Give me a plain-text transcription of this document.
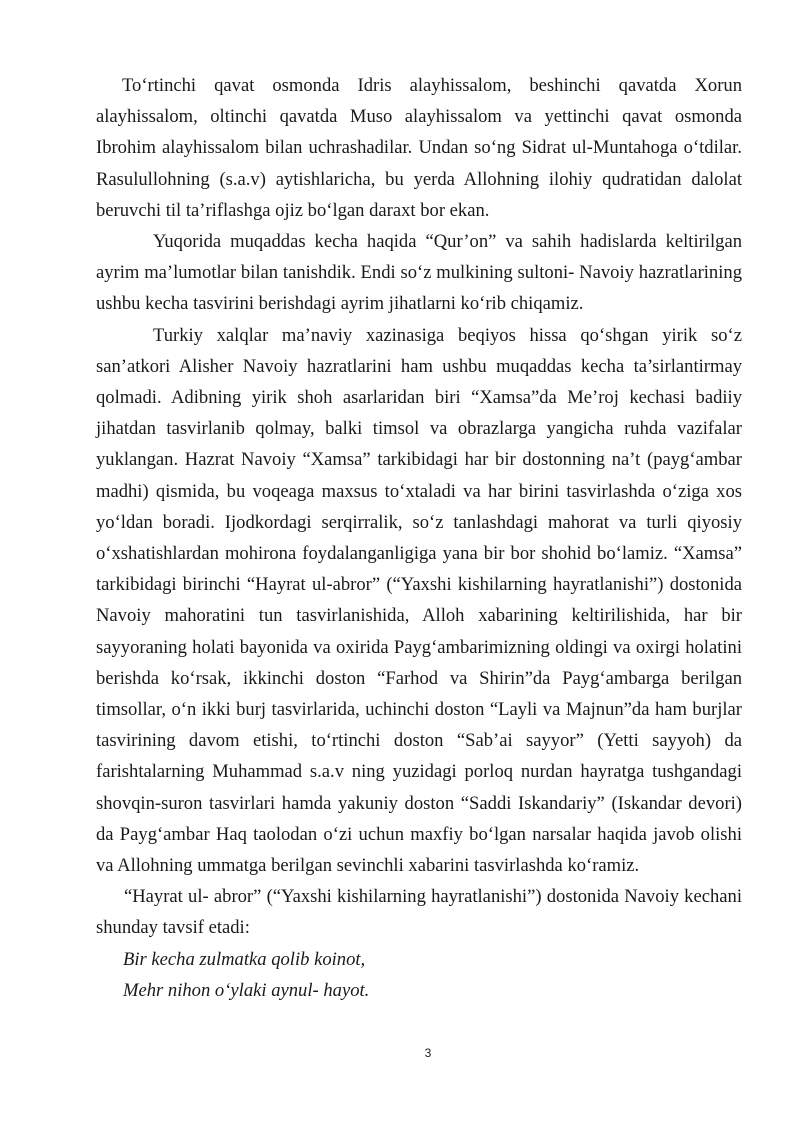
To‘rtinchi qavat osmonda Idris alayhissalom, beshinchi qavatda Xorun alayhissalom, oltinchi qavatda Muso alayhissalom va yettinchi qavat osmonda Ibrohim alayhissalom bilan uchrashadilar. Undan so‘ng Sidrat ul-Muntahoga o‘tdilar. Rasulullohning (s.a.v) aytishlaricha, bu yerda Allohning ilohiy qudratidan dalolat beruvchi til ta’riflashga ojiz bo‘lgan daraxt bor ekan.

Yuqorida muqaddas kecha haqida “Qur’on” va sahih hadislarda keltirilgan ayrim ma’lumotlar bilan tanishdik. Endi so‘z mulkining sultoni- Navoiy hazratlarining ushbu kecha tasvirini berishdagi ayrim jihatlarni ko‘rib chiqamiz.

Turkiy xalqlar ma’naviy xazinasiga beqiyos hissa qo‘shgan yirik so‘z san’atkori Alisher Navoiy hazratlarini ham ushbu muqaddas kecha ta’sirlantirmay qolmadi. Adibning yirik shoh asarlaridan biri “Xamsa”da Me’roj kechasi badiiy jihatdan tasvirlanib qolmay, balki timsol va obrazlarga yangicha ruhda vazifalar yuklangan. Hazrat Navoiy “Xamsa” tarkibidagi har bir dostonning na’t (payg‘ambar madhi) qismida, bu voqeaga maxsus to‘xtaladi va har birini tasvirlashda o‘ziga xos yo‘ldan boradi. Ijodkordagi serqirralik, so‘z tanlashdagi mahorat va turli qiyosiy o‘xshatishlardan mohirona foydalanganligiga yana bir bor shohid bo‘lamiz. “Xamsa” tarkibidagi birinchi “Hayrat ul-abror” (“Yaxshi kishilarning hayratlanishi”) dostonida Navoiy mahoratini tun tasvirlanishida, Alloh xabarining keltirilishida, har bir sayyoraning holati bayonida va oxirida Payg‘ambarimizning oldingi va oxirgi holatini berishda ko‘rsak, ikkinchi doston “Farhod va Shirin”da Payg‘ambarga berilgan timsollar, o‘n ikki burj tasvirlarida, uchinchi doston “Layli va Majnun”da ham burjlar tasvirining davom etishi, to‘rtinchi doston “Sab’ai sayyor” (Yetti sayyoh) da farishtalarning Muhammad s.a.v ning yuzidagi porloq nurdan hayratga tushgandagi shovqin-suron tasvirlari hamda yakuniy doston “Saddi Iskandariy” (Iskandar devori) da Payg‘ambar Haq taolodan o‘zi uchun maxfiy bo‘lgan narsalar haqida javob olishi va Allohning ummatga berilgan sevinchli xabarini tasvirlashda ko‘ramiz.

“Hayrat ul- abror” (“Yaxshi kishilarning hayratlanishi”) dostonida Navoiy kechani shunday tavsif etadi:

Bir kecha zulmatka qolib koinot,

Mehr nihon o‘ylaki aynul- hayot.

3
